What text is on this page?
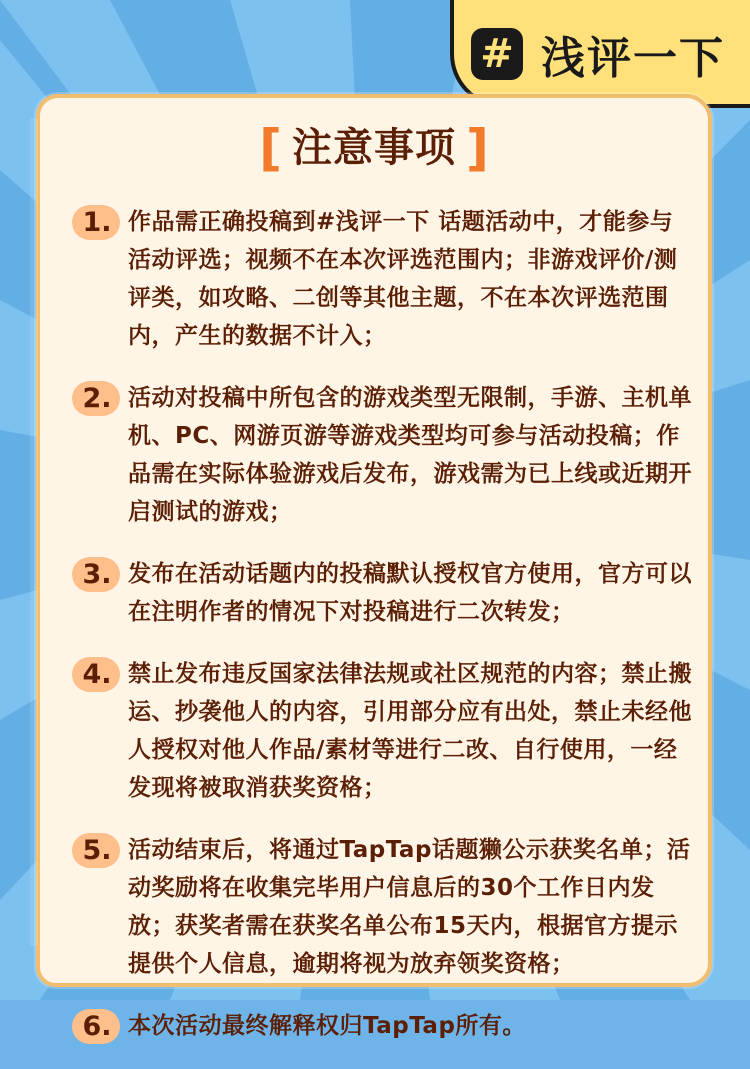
# 浅评一下
[ 注意事项 ]
1. 作品需正确投稿到#浅评一下 话题活动中，才能参与活动评选；视频不在本次评选范围内；非游戏评价/测评类，如攻略、二创等其他主题，不在本次评选范围内，产生的数据不计入；
2. 活动对投稿中所包含的游戏类型无限制，手游、主机单机、PC、网游页游等游戏类型均可参与活动投稿；作品需在实际体验游戏后发布，游戏需为已上线或近期开启测试的游戏；
3. 发布在活动话题内的投稿默认授权官方使用，官方可以在注明作者的情况下对投稿进行二次转发；
4. 禁止发布违反国家法律法规或社区规范的内容；禁止搬运、抄袭他人的内容，引用部分应有出处，禁止未经他人授权对他人作品/素材等进行二改、自行使用，一经发现将被取消获奖资格；
5. 活动结束后，将通过TapTap话题獭公示获奖名单；活动奖励将在收集完毕用户信息后的30个工作日内发放；获奖者需在获奖名单公布15天内，根据官方提示提供个人信息，逾期将视为放弃领奖资格；
6. 本次活动最终解释权归TapTap所有。
